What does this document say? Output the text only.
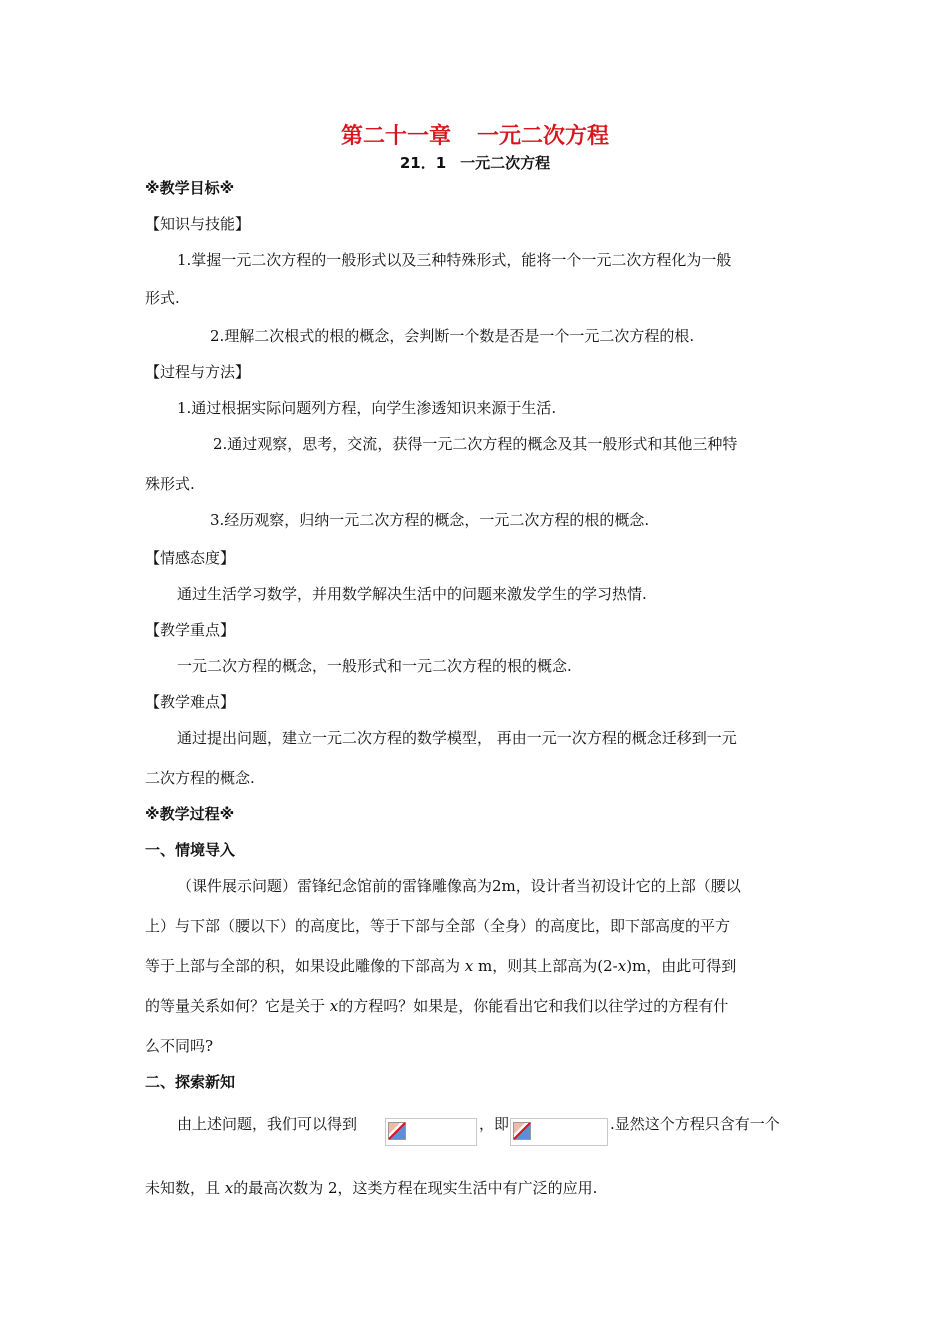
第二十一章 一元二次方程
21．1 一元二次方程
※教学目标※
【知识与技能】
1.掌握一元二次方程的一般形式以及三种特殊形式，能将一个一元二次方程化为一般
形式.
2.理解二次根式的根的概念，会判断一个数是否是一个一元二次方程的根.
【过程与方法】
1.通过根据实际问题列方程，向学生渗透知识来源于生活.
2.通过观察，思考，交流，获得一元二次方程的概念及其一般形式和其他三种特
殊形式.
3.经历观察，归纳一元二次方程的概念，一元二次方程的根的概念.
【情感态度】
通过生活学习数学，并用数学解决生活中的问题来激发学生的学习热情.
【教学重点】
一元二次方程的概念，一般形式和一元二次方程的根的概念.
【教学难点】
通过提出问题，建立一元二次方程的数学模型， 再由一元一次方程的概念迁移到一元
二次方程的概念.
※教学过程※
一、情境导入
（课件展示问题）雷锋纪念馆前的雷锋雕像高为2m，设计者当初设计它的上部（腰以
上）与下部（腰以下）的高度比，等于下部与全部（全身）的高度比，即下部高度的平方
等于上部与全部的积，如果设此雕像的下部高为 x m，则其上部高为(2-x)m，由此可得到
的等量关系如何？它是关于 x的方程吗？如果是，你能看出它和我们以往学过的方程有什
么不同吗?
二、探索新知
由上述问题，我们可以得到	，即	.显然这个方程只含有一个
未知数，且 x的最高次数为 2，这类方程在现实生活中有广泛的应用.
